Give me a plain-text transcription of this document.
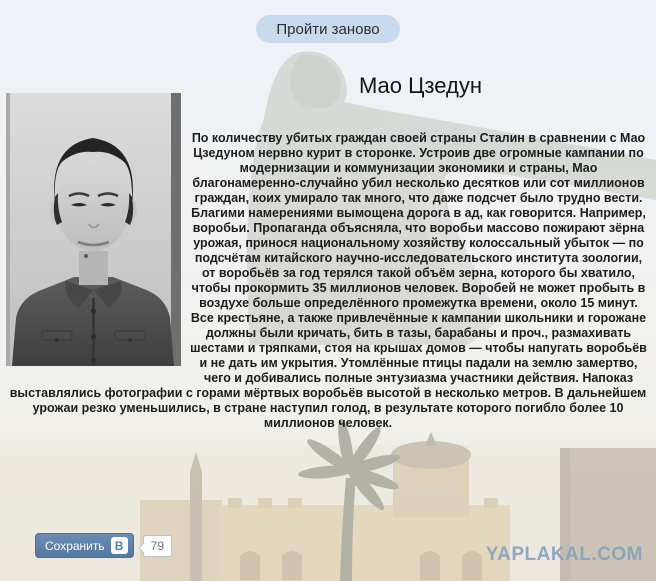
Пройти заново
Мао Цзедун

По количеству убитых граждан своей страны Сталин в сравнении с Мао Цзедуном нервно курит в сторонке. Устроив две огромные кампании по модернизации и коммунизации экономики и страны, Мао благонамеренно-случайно убил несколько десятков или сот миллионов граждан, коих умирало так много, что даже подсчет было трудно вести. Благими намерениями вымощена дорога в ад, как говорится. Например, воробьи. Пропаганда объясняла, что воробьи массово пожирают зёрна урожая, принося национальному хозяйству колоссальный убыток — по подсчётам китайского научно-исследовательского института зоологии, от воробьёв за год терялся такой объём зерна, которого бы хватило, чтобы прокормить 35 миллионов человек. Воробей не может пробыть в воздухе больше определённого промежутка времени, около 15 минут. Все крестьяне, а также привлечённые к кампании школьники и горожане должны были кричать, бить в тазы, барабаны и проч., размахивать шестами и тряпками, стоя на крышах домов — чтобы напугать воробьёв и не дать им укрытия. Утомлённые птицы падали на землю замертво, чего и добивались полные энтузиазма участники действия. Напоказ выставлялись фотографии с горами мёртвых воробьёв высотой в несколько метров. В дальнейшем урожаи резко уменьшились, в стране наступил голод, в результате которого погибло более 10 миллионов человек.

Сохранить В	79	YAPLAKAL.COM
